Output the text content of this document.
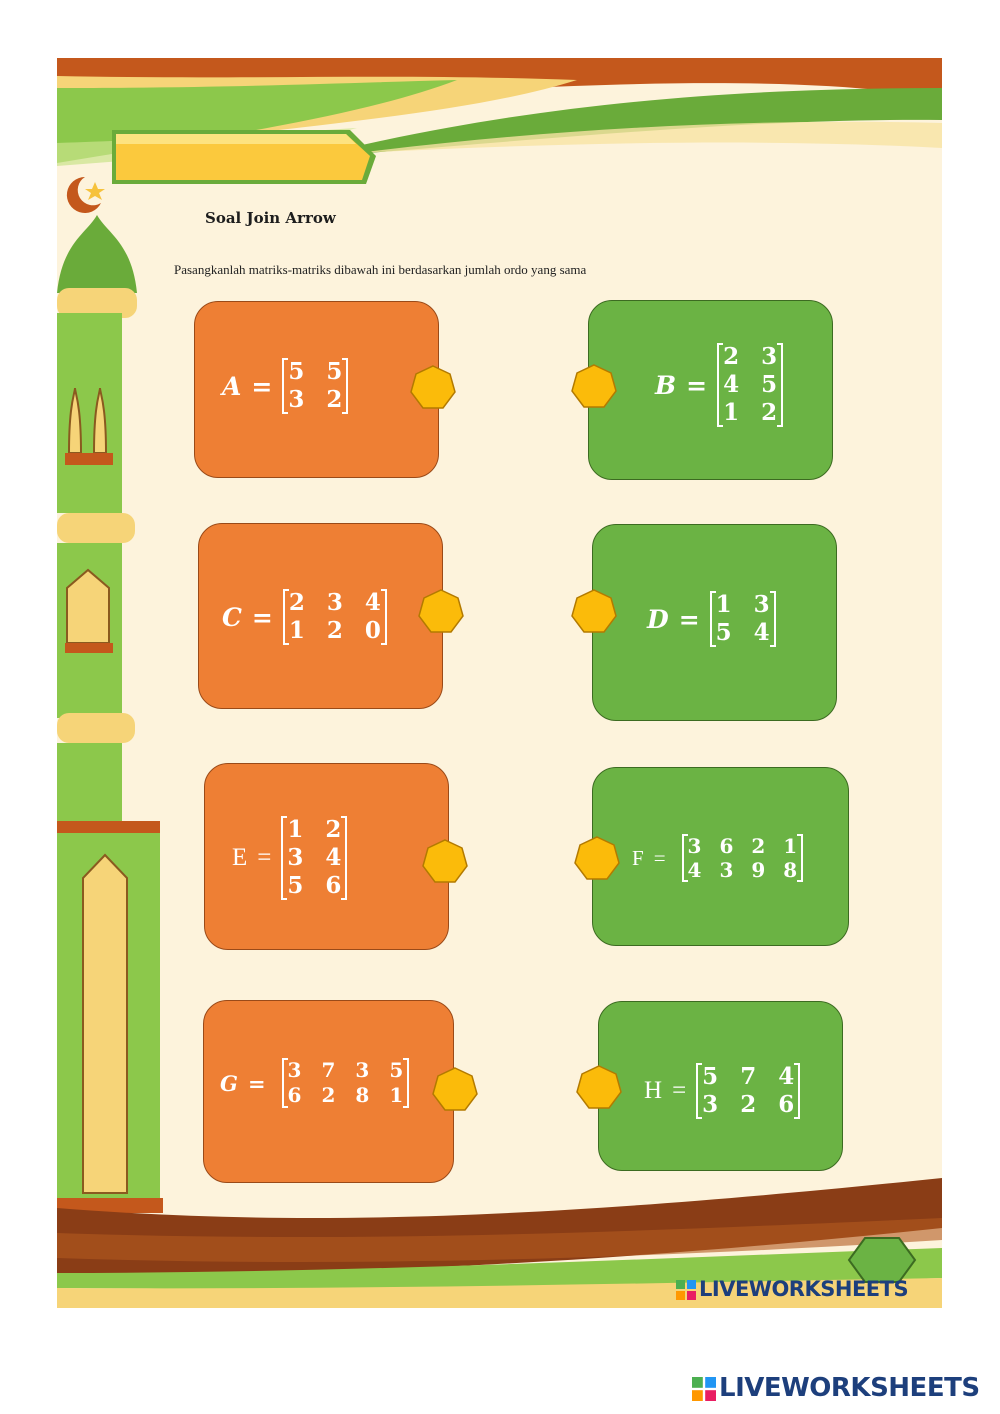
Soal Join Arrow
Pasangkanlah matriks-matriks dibawah ini berdasarkan jumlah ordo yang sama
A = 5 5
3 2	B =
2 3
4 5
1 2
C = 2 3 4
1 2 0	D = 1 3
5 4
E =
1 2
3 4
5 6
F = 3 6 2 1
4 3 9 8
G =
3 7 3 5
6 2 8 1	H =
5 7 4
3 2 6
LIVEWORKSHEETS
LIVEWORKSHEETS
